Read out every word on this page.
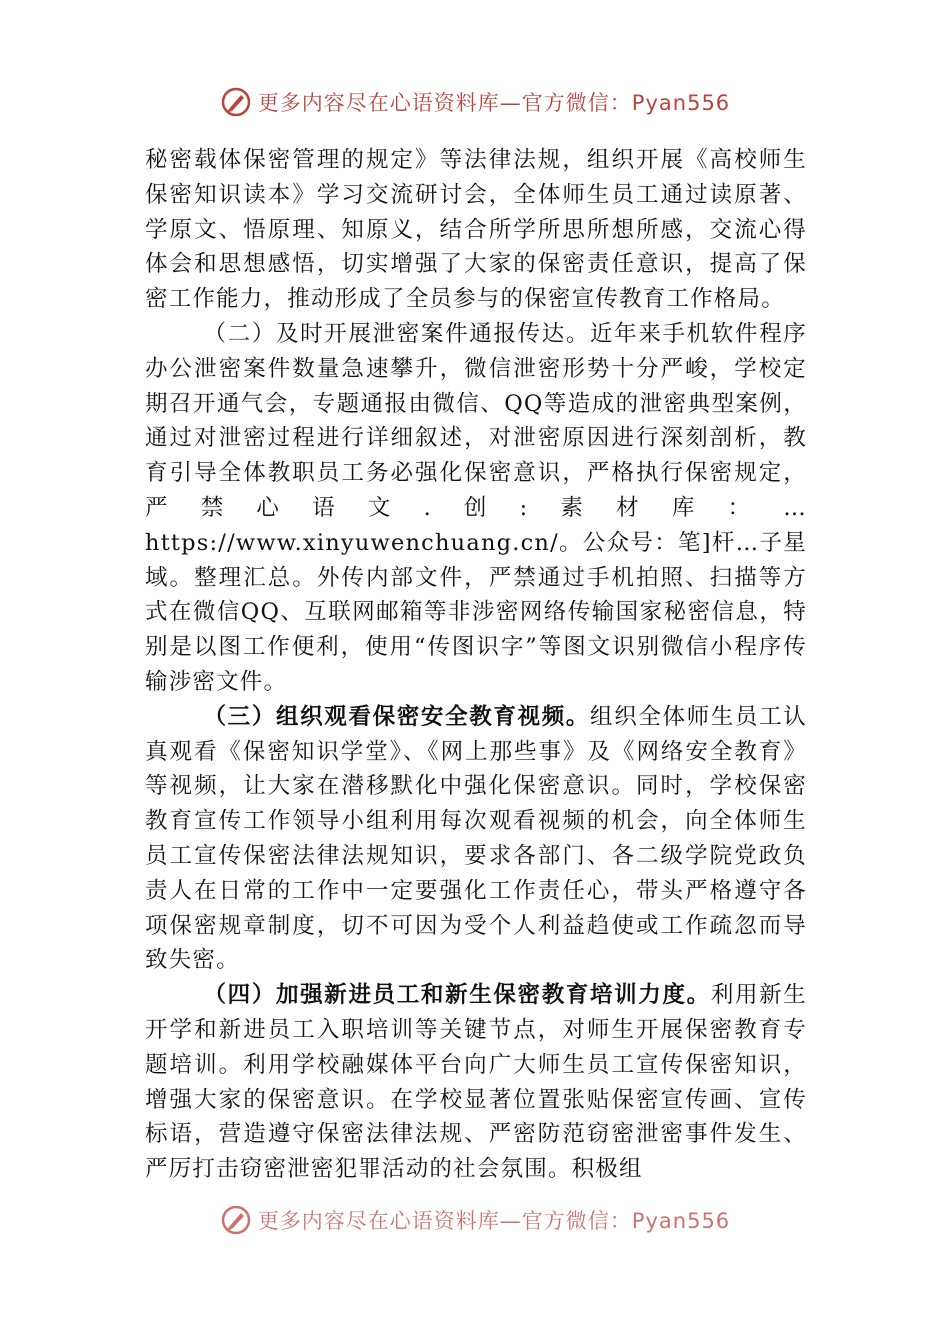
更多内容尽在心语资料库—官方微信：Pyan556

秘密载体保密管理的规定》等法律法规，组织开展《高校师生保密知识读本》学习交流研讨会，全体师生员工通过读原著、学原文、悟原理、知原义，结合所学所思所想所感，交流心得体会和思想感悟，切实增强了大家的保密责任意识，提高了保密工作能力，推动形成了全员参与的保密宣传教育工作格局。

（二）及时开展泄密案件通报传达。近年来手机软件程序办公泄密案件数量急速攀升，微信泄密形势十分严峻，学校定期召开通气会，专题通报由微信、QQ等造成的泄密典型案例，通过对泄密过程进行详细叙述，对泄密原因进行深刻剖析，教育引导全体教职员工务必强化保密意识，严格执行保密规定，严禁心语文.创:素材库：… https://www.xinyuwenchuang.cn/。公众号：笔]杆…子星域。整理汇总。外传内部文件，严禁通过手机拍照、扫描等方式在微信QQ、互联网邮箱等非涉密网络传输国家秘密信息，特别是以图工作便利，使用“传图识字”等图文识别微信小程序传输涉密文件。

（三）组织观看保密安全教育视频。组织全体师生员工认真观看《保密知识学堂》、《网上那些事》及《网络安全教育》等视频，让大家在潜移默化中强化保密意识。同时，学校保密教育宣传工作领导小组利用每次观看视频的机会，向全体师生员工宣传保密法律法规知识，要求各部门、各二级学院党政负责人在日常的工作中一定要强化工作责任心，带头严格遵守各项保密规章制度，切不可因为受个人利益趋使或工作疏忽而导致失密。

（四）加强新进员工和新生保密教育培训力度。利用新生开学和新进员工入职培训等关键节点，对师生开展保密教育专题培训。利用学校融媒体平台向广大师生员工宣传保密知识，增强大家的保密意识。在学校显著位置张贴保密宣传画、宣传标语，营造遵守保密法律法规、严密防范窃密泄密事件发生、严厉打击窃密泄密犯罪活动的社会氛围。积极组

更多内容尽在心语资料库—官方微信：Pyan556
